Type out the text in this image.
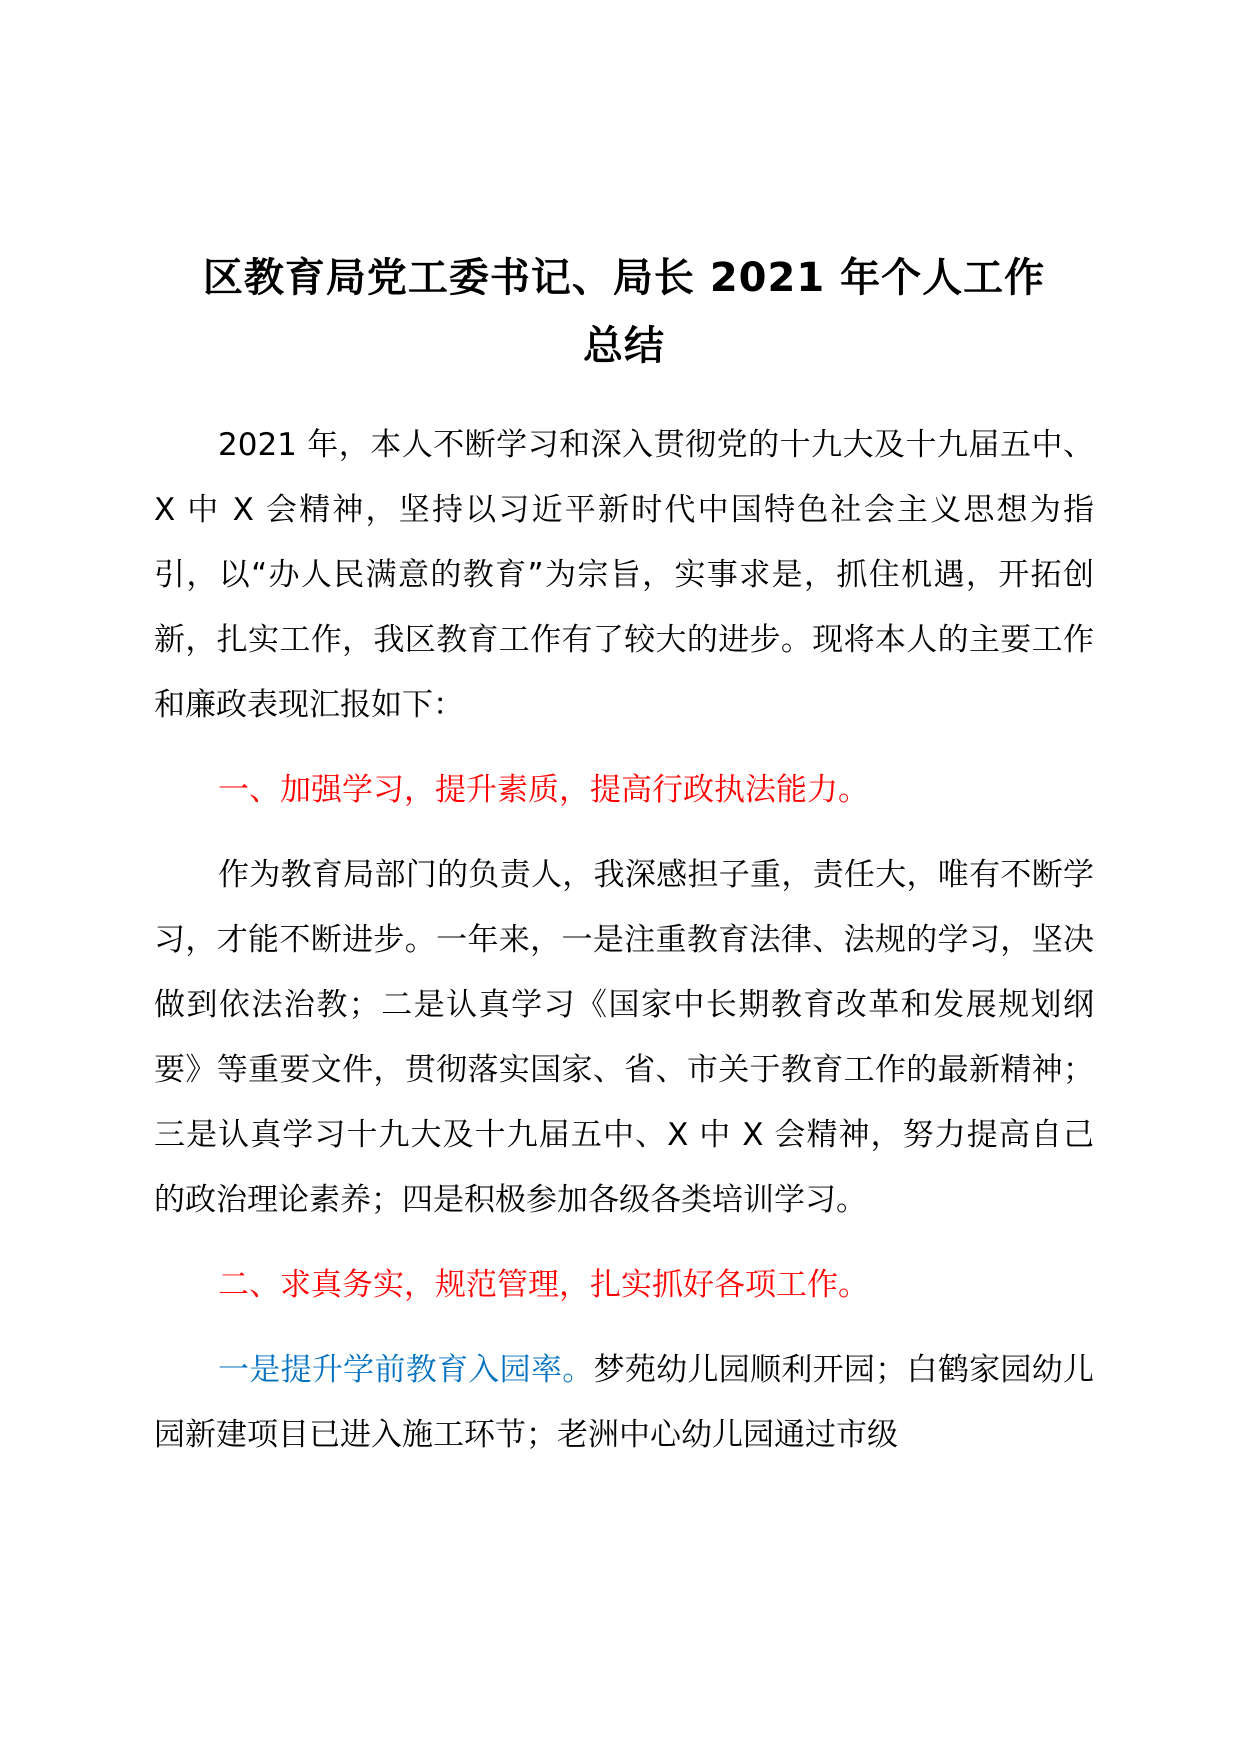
区教育局党工委书记、局长 2021 年个人工作
总结

2021 年，本人不断学习和深入贯彻党的十九大及十九届五中、X 中 X 会精神，坚持以习近平新时代中国特色社会主义思想为指引，以“办人民满意的教育”为宗旨，实事求是，抓住机遇，开拓创新，扎实工作，我区教育工作有了较大的进步。现将本人的主要工作和廉政表现汇报如下：

一、加强学习，提升素质，提高行政执法能力。

作为教育局部门的负责人，我深感担子重，责任大，唯有不断学习，才能不断进步。一年来，一是注重教育法律、法规的学习，坚决做到依法治教；二是认真学习《国家中长期教育改革和发展规划纲要》等重要文件，贯彻落实国家、省、市关于教育工作的最新精神；三是认真学习十九大及十九届五中、X 中 X 会精神，努力提高自己的政治理论素养；四是积极参加各级各类培训学习。

二、求真务实，规范管理，扎实抓好各项工作。

一是提升学前教育入园率。梦苑幼儿园顺利开园；白鹤家园幼儿园新建项目已进入施工环节；老洲中心幼儿园通过市级
